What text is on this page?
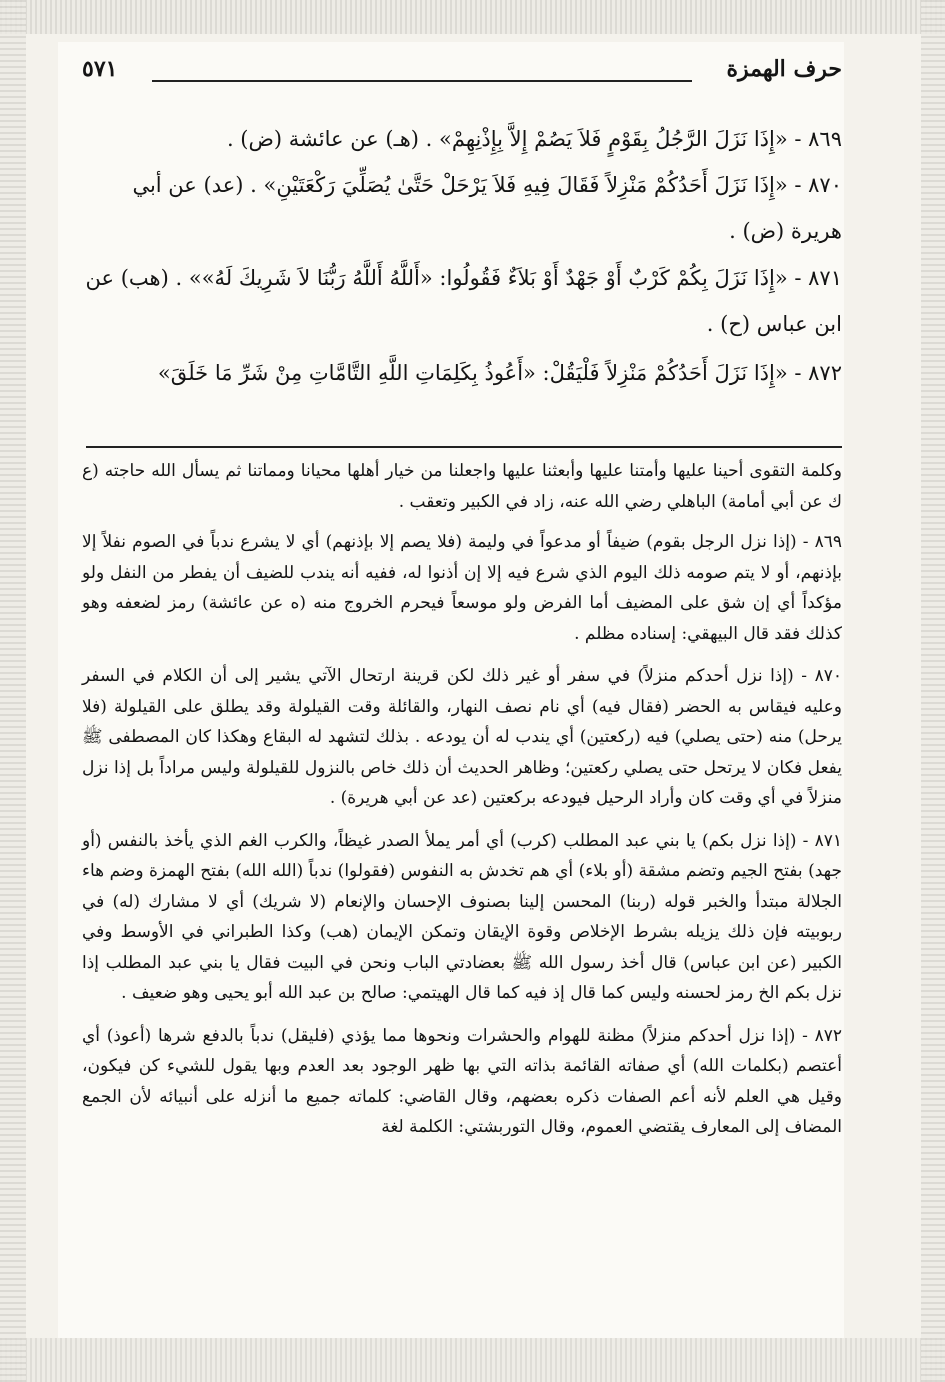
حرف الهمزة
٥٧١
٨٦٩ - «إِذَا نَزَلَ الرَّجُلُ بِقَوْمٍ فَلاَ يَصُمْ إِلاَّ بِإِذْنِهِمْ» . (هـ) عن عائشة (ض) .
٨٧٠ - «إِذَا نَزَلَ أَحَدُكُمْ مَنْزِلاً فَقَالَ فِيهِ فَلاَ يَرْحَلْ حَتَّىٰ يُصَلِّيَ رَكْعَتَيْنِ» . (عد) عن أبي هريرة (ض) .
٨٧١ - «إِذَا نَزَلَ بِكُمْ كَرْبٌ أَوْ جَهْدٌ أَوْ بَلاَءٌ فَقُولُوا: «أَللَّهُ أَللَّهُ رَبُّنَا لاَ شَرِيكَ لَهُ»» . (هب) عن ابن عباس (ح) .
٨٧٢ - «إِذَا نَزَلَ أَحَدُكُمْ مَنْزِلاً فَلْيَقُلْ: «أَعُوذُ بِكَلِمَاتِ اللَّهِ التَّامَّاتِ مِنْ شَرِّ مَا خَلَقَ»

وكلمة التقوى أحينا عليها وأمتنا عليها وأبعثنا عليها واجعلنا من خيار أهلها محيانا ومماتنا ثم يسأل الله حاجته (ع ك عن أبي أمامة) الباهلي رضي الله عنه، زاد في الكبير وتعقب .

٨٦٩ - (إذا نزل الرجل بقوم) ضيفاً أو مدعواً في وليمة (فلا يصم إلا بإذنهم) أي لا يشرع ندباً في الصوم نفلاً إلا بإذنهم، أو لا يتم صومه ذلك اليوم الذي شرع فيه إلا إن أذنوا له، ففيه أنه يندب للضيف أن يفطر من النفل ولو مؤكداً أي إن شق على المضيف أما الفرض ولو موسعاً فيحرم الخروج منه (ه عن عائشة) رمز لضعفه وهو كذلك فقد قال البيهقي: إسناده مظلم .

٨٧٠ - (إذا نزل أحدكم منزلاً) في سفر أو غير ذلك لكن قرينة ارتحال الآتي يشير إلى أن الكلام في السفر وعليه فيقاس به الحضر (فقال فيه) أي نام نصف النهار، والقائلة وقت القيلولة وقد يطلق على القيلولة (فلا يرحل) منه (حتى يصلي) فيه (ركعتين) أي يندب له أن يودعه . بذلك لتشهد له البقاع وهكذا كان المصطفى ﷺ يفعل فكان لا يرتحل حتى يصلي ركعتين؛ وظاهر الحديث أن ذلك خاص بالنزول للقيلولة وليس مراداً بل إذا نزل منزلاً في أي وقت كان وأراد الرحيل فيودعه بركعتين (عد عن أبي هريرة) .

٨٧١ - (إذا نزل بكم) يا بني عبد المطلب (كرب) أي أمر يملأ الصدر غيظاً، والكرب الغم الذي يأخذ بالنفس (أو جهد) بفتح الجيم وتضم مشقة (أو بلاء) أي هم تخدش به النفوس (فقولوا) ندباً (الله الله) بفتح الهمزة وضم هاء الجلالة مبتدأ والخبر قوله (ربنا) المحسن إلينا بصنوف الإحسان والإنعام (لا شريك) أي لا مشارك (له) في ربوبيته فإن ذلك يزيله بشرط الإخلاص وقوة الإيقان وتمكن الإيمان (هب) وكذا الطبراني في الأوسط وفي الكبير (عن ابن عباس) قال أخذ رسول الله ﷺ بعضادتي الباب ونحن في البيت فقال يا بني عبد المطلب إذا نزل بكم الخ رمز لحسنه وليس كما قال إذ فيه كما قال الهيتمي: صالح بن عبد الله أبو يحيى وهو ضعيف .

٨٧٢ - (إذا نزل أحدكم منزلاً) مظنة للهوام والحشرات ونحوها مما يؤذي (فليقل) ندباً بالدفع شرها (أعوذ) أي أعتصم (بكلمات الله) أي صفاته القائمة بذاته التي بها ظهر الوجود بعد العدم وبها يقول للشيء كن فيكون، وقيل هي العلم لأنه أعم الصفات ذكره بعضهم، وقال القاضي: كلماته جميع ما أنزله على أنبيائه لأن الجمع المضاف إلى المعارف يقتضي العموم، وقال التوربشتي: الكلمة لغة
